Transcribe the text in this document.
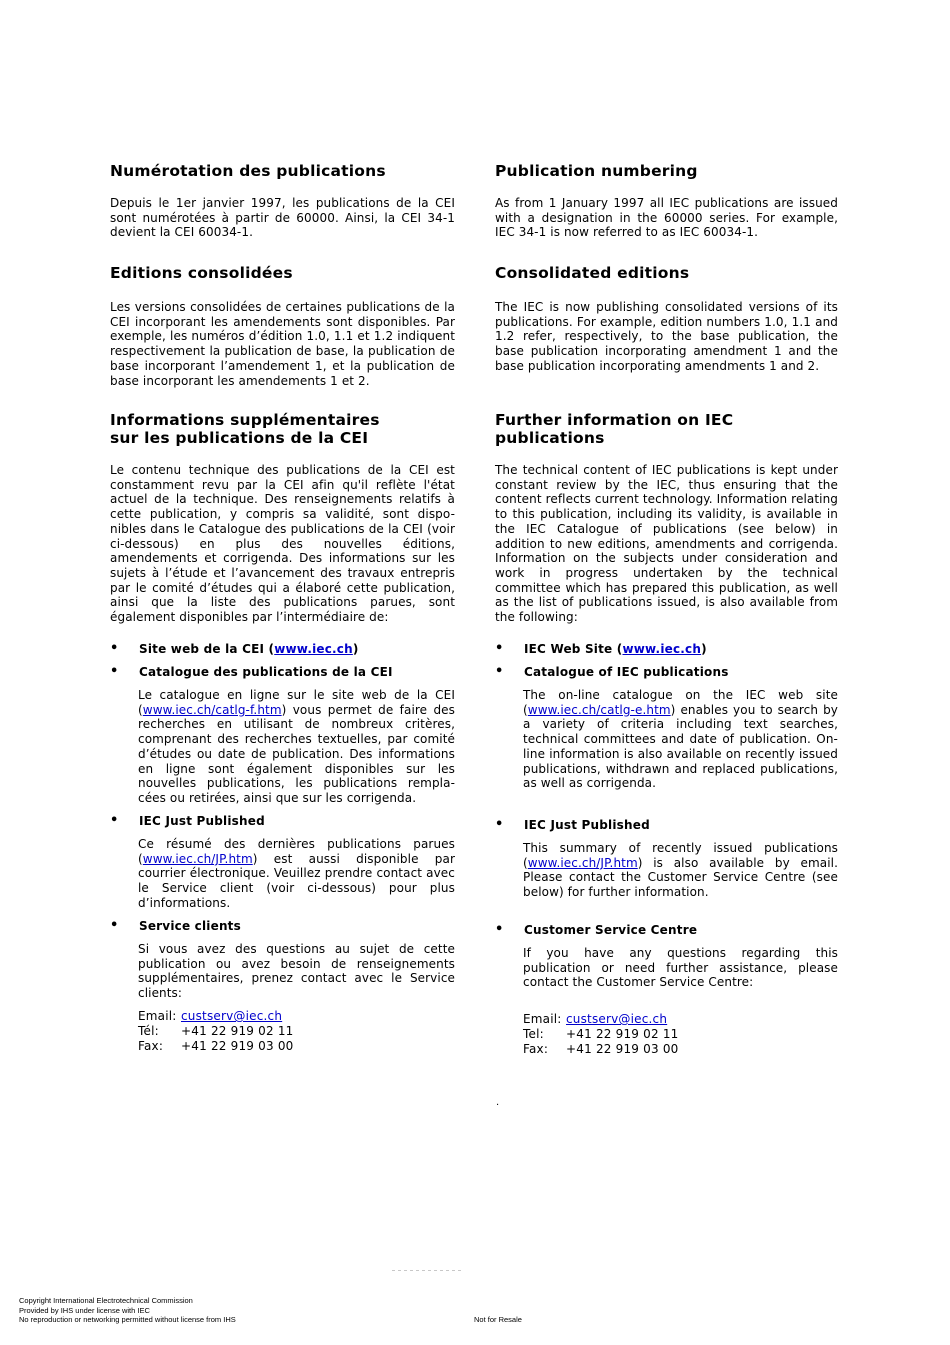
Numérotation des publications

Depuis le 1er janvier 1997, les publications de la CEI sont numérotées à partir de 60000. Ainsi, la CEI 34-1 devient la CEI 60034-1.

Editions consolidées

Les versions consolidées de certaines publications de la CEI incorporant les amendements sont disponibles. Par exemple, les numéros d’édition 1.0, 1.1 et 1.2 indiquent respectivement la publication de base, la publication de base incorporant l’amendement 1, et la publication de base incorporant les amendements 1 et 2.

Informations supplémentaires
sur les publications de la CEI

Le contenu technique des publications de la CEI est constamment revu par la CEI afin qu'il reflète l'état actuel de la technique. Des renseignements relatifs à cette publication, y compris sa validité, sont dispo-nibles dans le Catalogue des publications de la CEI (voir ci-dessous) en plus des nouvelles éditions, amendements et corrigenda. Des informations sur les sujets à l’étude et l’avancement des travaux entrepris par le comité d’études qui a élaboré cette publication, ainsi que la liste des publications parues, sont également disponibles par l’intermédiaire de:

• Site web de la CEI (www.iec.ch)
• Catalogue des publications de la CEI

Le catalogue en ligne sur le site web de la CEI (www.iec.ch/catlg-f.htm) vous permet de faire des recherches en utilisant de nombreux critères, comprenant des recherches textuelles, par comité d’études ou date de publication. Des informations en ligne sont également disponibles sur les nouvelles publications, les publications rempla-cées ou retirées, ainsi que sur les corrigenda.

• IEC Just Published

Ce résumé des dernières publications parues (www.iec.ch/JP.htm) est aussi disponible par courrier électronique. Veuillez prendre contact avec le Service client (voir ci-dessous) pour plus d’informations.

• Service clients

Si vous avez des questions au sujet de cette publication ou avez besoin de renseignements supplémentaires, prenez contact avec le Service clients:

Email: custserv@iec.ch
Tél: +41 22 919 02 11
Fax: +41 22 919 03 00
Publication numbering

As from 1 January 1997 all IEC publications are issued with a designation in the 60000 series. For example, IEC 34-1 is now referred to as IEC 60034-1.

Consolidated editions

The IEC is now publishing consolidated versions of its publications. For example, edition numbers 1.0, 1.1 and 1.2 refer, respectively, to the base publication, the base publication incorporating amendment 1 and the base publication incorporating amendments 1 and 2.

Further information on IEC publications

The technical content of IEC publications is kept under constant review by the IEC, thus ensuring that the content reflects current technology. Information relating to this publication, including its validity, is available in the IEC Catalogue of publications (see below) in addition to new editions, amendments and corrigenda. Information on the subjects under consideration and work in progress undertaken by the technical committee which has prepared this publication, as well as the list of publications issued, is also available from the following:

• IEC Web Site (www.iec.ch)
• Catalogue of IEC publications

The on-line catalogue on the IEC web site (www.iec.ch/catlg-e.htm) enables you to search by a variety of criteria including text searches, technical committees and date of publication. On-line information is also available on recently issued publications, withdrawn and replaced publications, as well as corrigenda.

• IEC Just Published

This summary of recently issued publications (www.iec.ch/JP.htm) is also available by email. Please contact the Customer Service Centre (see below) for further information.

• Customer Service Centre

If you have any questions regarding this publication or need further assistance, please contact the Customer Service Centre:

Email: custserv@iec.ch
Tel: +41 22 919 02 11
Fax: +41 22 919 03 00
.
Copyright International Electrotechnical Commission
Provided by IHS under license with IEC
No reproduction or networking permitted without license from IHS	Not for Resale
